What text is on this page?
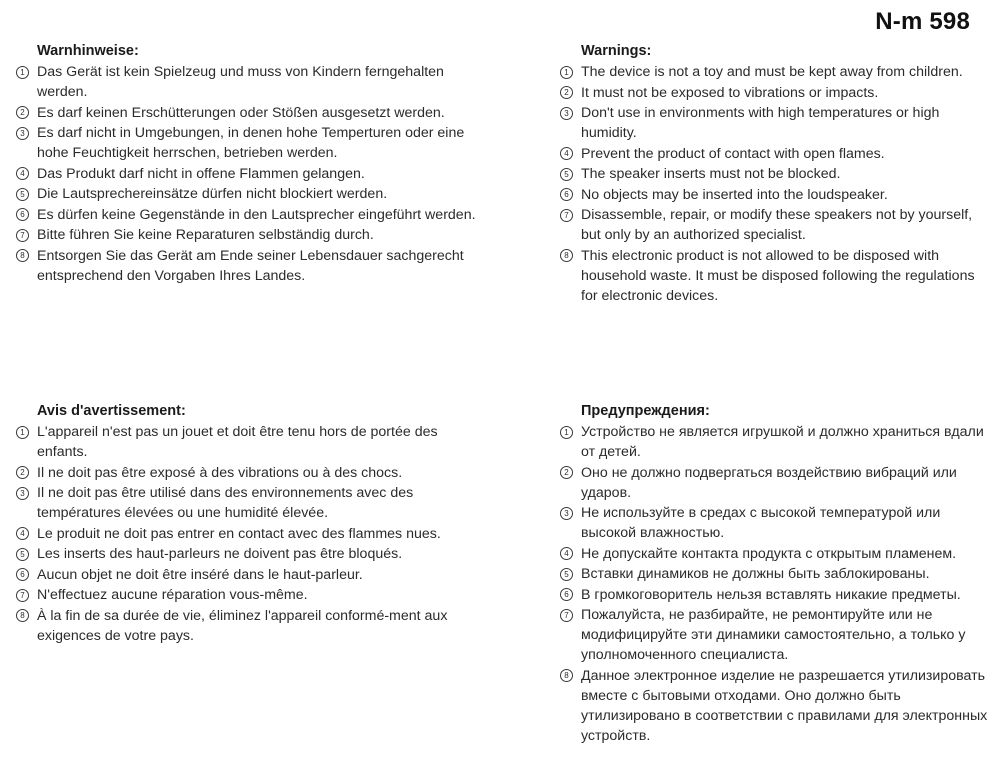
N-m 598
Warnhinweise:
1 Das Gerät ist kein Spielzeug und muss von Kindern ferngehalten werden.
2 Es darf keinen Erschütterungen oder Stößen ausgesetzt werden.
3 Es darf nicht in Umgebungen, in denen hohe Temperturen oder eine hohe Feuchtigkeit herrschen, betrieben werden.
4 Das Produkt darf nicht in offene Flammen gelangen.
5 Die Lautsprechereinsätze dürfen nicht blockiert werden.
6 Es dürfen keine Gegenstände in den Lautsprecher eingeführt werden.
7 Bitte führen Sie keine Reparaturen selbständig durch.
8 Entsorgen Sie das Gerät am Ende seiner Lebensdauer sachgerecht entsprechend den Vorgaben Ihres Landes.
Warnings:
1 The device is not a toy and must be kept away from children.
2 It must not be exposed to vibrations or impacts.
3 Don't use in environments with high temperatures or high humidity.
4 Prevent the product of contact with open flames.
5 The speaker inserts must not be blocked.
6 No objects may be inserted into the loudspeaker.
7 Disassemble, repair, or modify these speakers not by yourself, but only by an authorized specialist.
8 This electronic product is not allowed to be disposed with household waste. It must be disposed following the regulations for electronic devices.
Avis d'avertissement:
1 L'appareil n'est pas un jouet et doit être tenu hors de portée des enfants.
2 Il ne doit pas être exposé à des vibrations ou à des chocs.
3 Il ne doit pas être utilisé dans des environnements avec des températures élevées ou une humidité élevée.
4 Le produit ne doit pas entrer en contact avec des flammes nues.
5 Les inserts des haut-parleurs ne doivent pas être bloqués.
6 Aucun objet ne doit être inséré dans le haut-parleur.
7 N'effectuez aucune réparation vous-même.
8 À la fin de sa durée de vie, éliminez l'appareil conformé-ment aux exigences de votre pays.
Предупреждения:
1 Устройство не является игрушкой и должно храниться вдали от детей.
2 Оно не должно подвергаться воздействию вибраций или ударов.
3 Не используйте в средах с высокой температурой или высокой влажностью.
4 Не допускайте контакта продукта с открытым пламенем.
5 Вставки динамиков не должны быть заблокированы.
6 В громкоговоритель нельзя вставлять никакие предметы.
7 Пожалуйста, не разбирайте, не ремонтируйте или не модифицируйте эти динамики самостоятельно, а только у уполномоченного специалиста.
8 Данное электронное изделие не разрешается утилизировать вместе с бытовыми отходами. Оно должно быть утилизировано в соответствии с правилами для электронных устройств.
